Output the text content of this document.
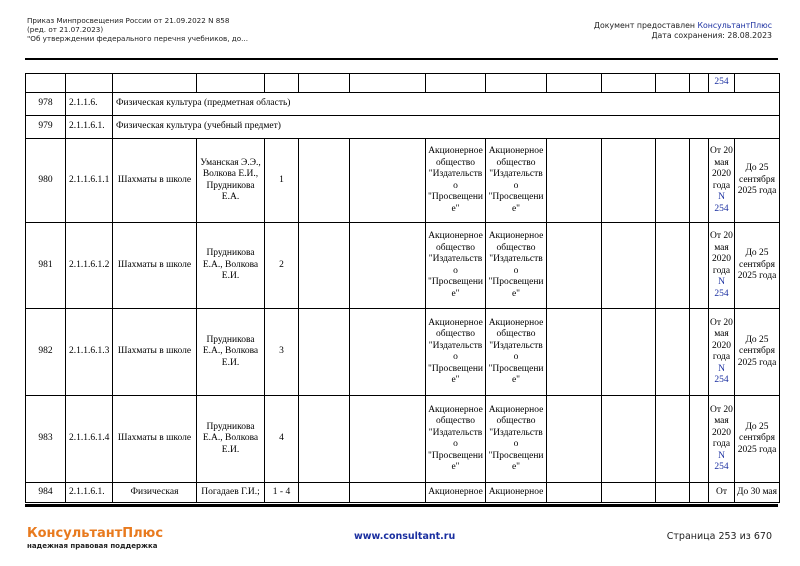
Приказ Минпросвещения России от 21.09.2022 N 858
(ред. от 21.07.2023)
"Об утверждении федерального перечня учебников, до...
Документ предоставлен КонсультантПлюс
Дата сохранения: 28.08.2023
													254	
978	2.1.1.6.	Физическая культура (предметная область)												
979	2.1.1.6.1.	Физическая культура (учебный предмет)												
980	2.1.1.6.1.1	Шахматы в школе	Уманская Э.Э., Волкова Е.И., Прудникова Е.А.	1			Акционерное общество "Издательство "Просвещение"	Акционерное общество "Издательство "Просвещение"					От 20 мая 2020 года
N 254	До 25 сентября 2025 года
981	2.1.1.6.1.2	Шахматы в школе	Прудникова Е.А., Волкова Е.И.	2			Акционерное общество "Издательство "Просвещение"	Акционерное общество "Издательство "Просвещение"					От 20 мая 2020 года
N 254	До 25 сентября 2025 года
982	2.1.1.6.1.3	Шахматы в школе	Прудникова Е.А., Волкова Е.И.	3			Акционерное общество "Издательство "Просвещение"	Акционерное общество "Издательство "Просвещение"					От 20 мая 2020 года
N 254	До 25 сентября 2025 года
983	2.1.1.6.1.4	Шахматы в школе	Прудникова Е.А., Волкова Е.И.	4			Акционерное общество "Издательство "Просвещение"	Акционерное общество "Издательство "Просвещение"					От 20 мая 2020 года
N 254	До 25 сентября 2025 года
984	2.1.1.6.1.	Физическая	Погадаев Г.И.;	1 - 4			Акционерное	Акционерное					От	До 30 мая
КонсультантПлюс
надежная правовая поддержка
www.consultant.ru	Страница 253 из 670
